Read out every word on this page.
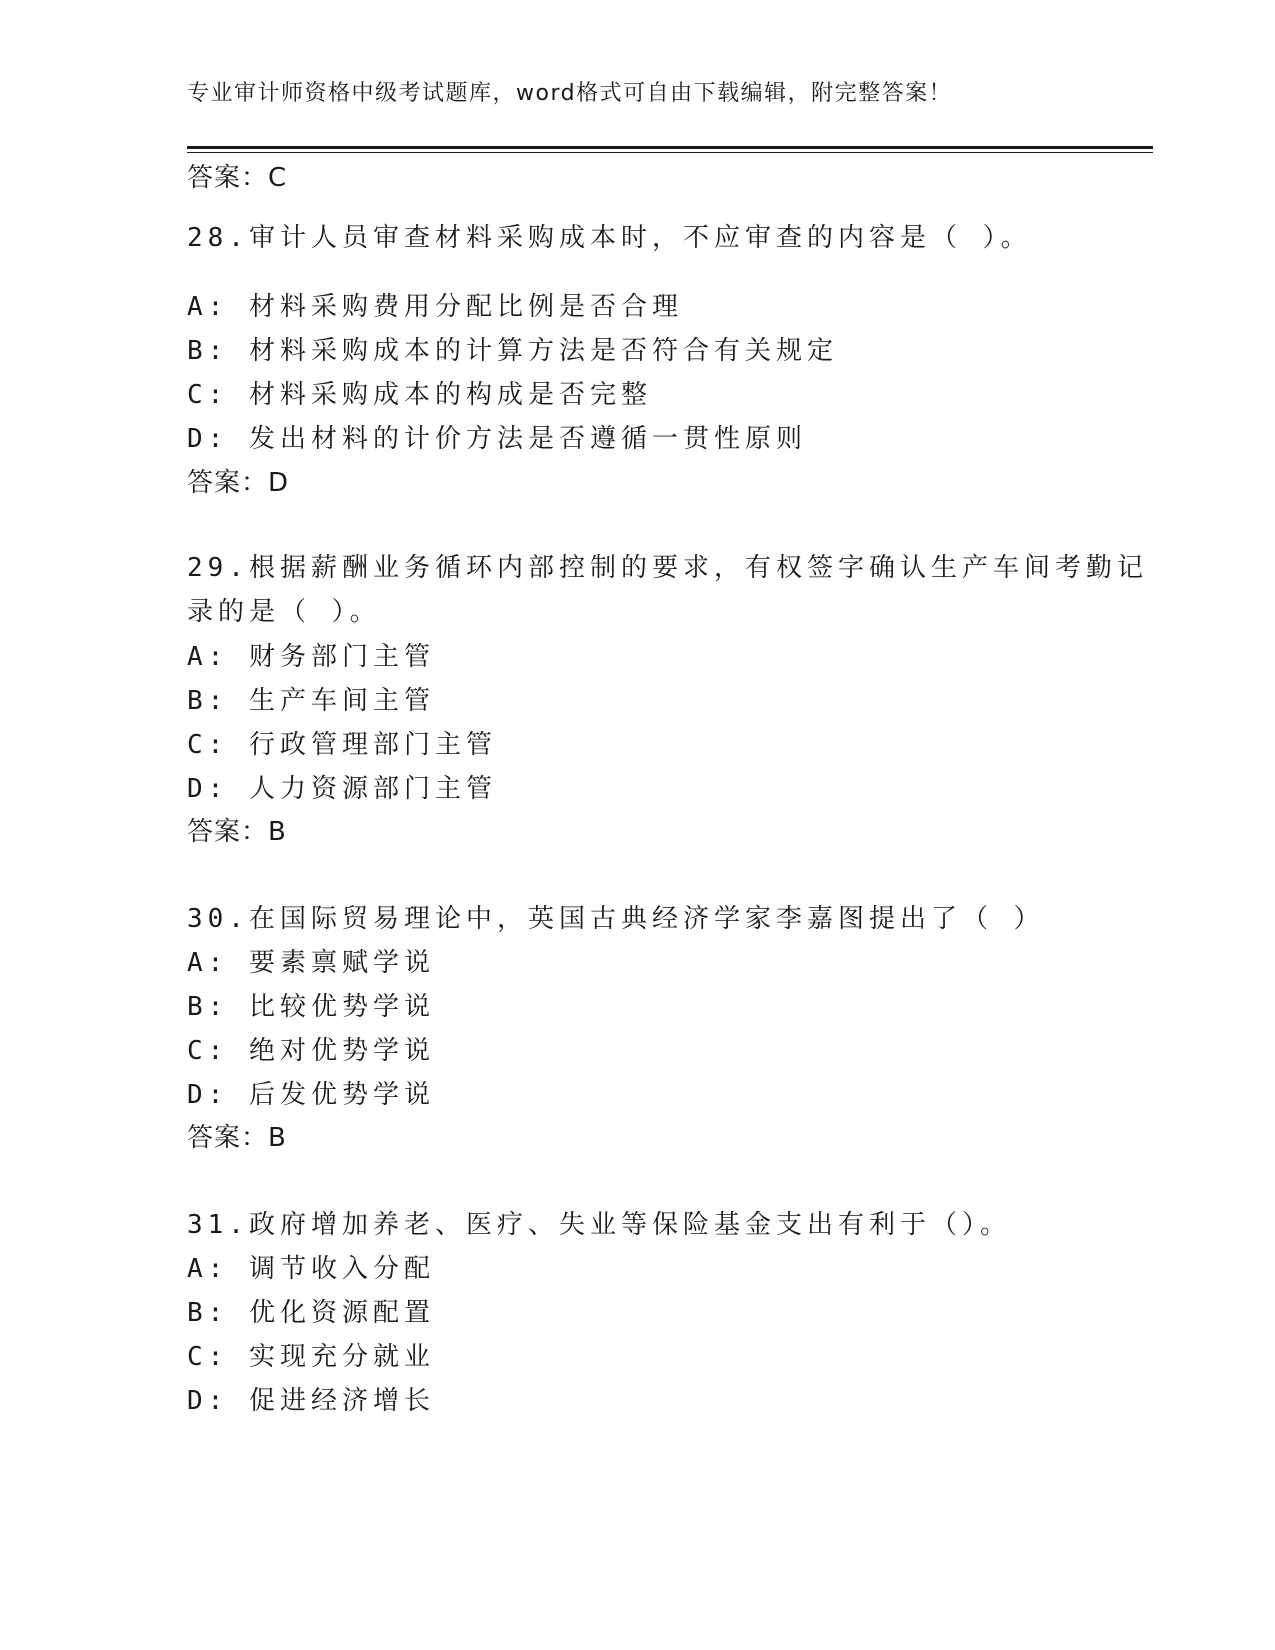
专业审计师资格中级考试题库，word格式可自由下载编辑，附完整答案！
答案：C
28.审计人员审查材料采购成本时，不应审查的内容是（ ）。
A: 材料采购费用分配比例是否合理
B: 材料采购成本的计算方法是否符合有关规定
C: 材料采购成本的构成是否完整
D: 发出材料的计价方法是否遵循一贯性原则
答案：D
29.根据薪酬业务循环内部控制的要求，有权签字确认生产车间考勤记
录的是（ ）。
A: 财务部门主管
B: 生产车间主管
C: 行政管理部门主管
D: 人力资源部门主管
答案：B
30.在国际贸易理论中，英国古典经济学家李嘉图提出了（ ）
A: 要素禀赋学说
B: 比较优势学说
C: 绝对优势学说
D: 后发优势学说
答案：B
31.政府增加养老、医疗、失业等保险基金支出有利于（）。
A: 调节收入分配
B: 优化资源配置
C: 实现充分就业
D: 促进经济增长
